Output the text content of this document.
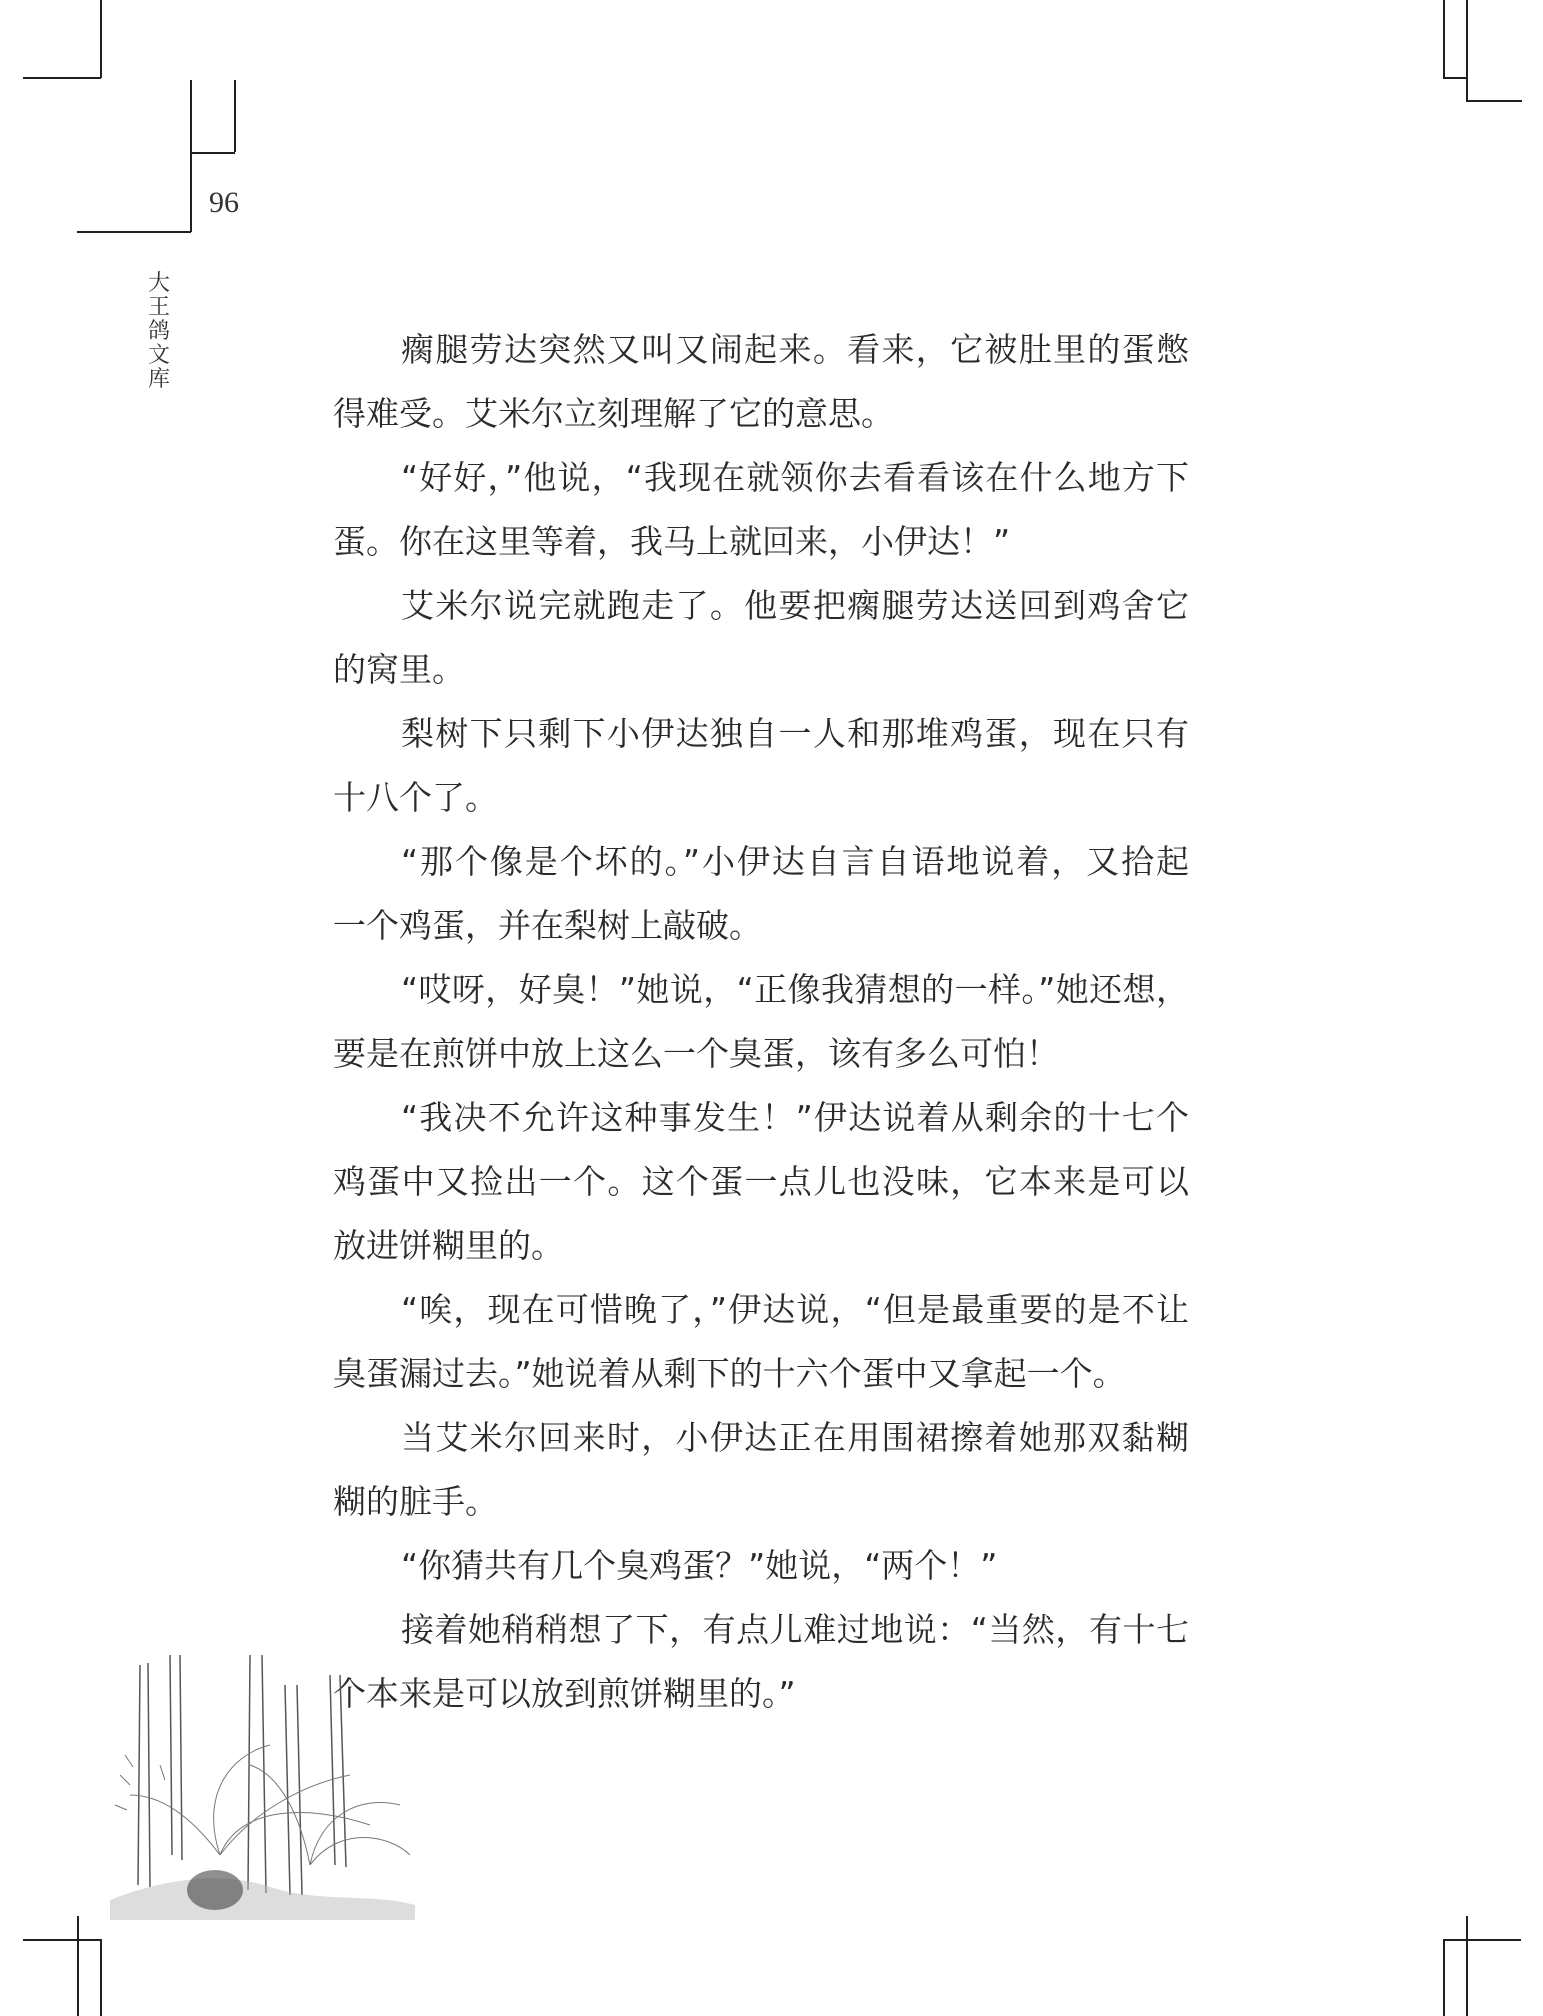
96
大
王
鸽
文
库
瘸腿劳达突然又叫又闹起来。看来，它被肚里的蛋憋
得难受。艾米尔立刻理解了它的意思。
“好好，”他说，“我现在就领你去看看该在什么地方下
蛋。你在这里等着，我马上就回来，小伊达！”
艾米尔说完就跑走了。他要把瘸腿劳达送回到鸡舍它
的窝里。
梨树下只剩下小伊达独自一人和那堆鸡蛋，现在只有
十八个了。
“那个像是个坏的。”小伊达自言自语地说着，又拾起
一个鸡蛋，并在梨树上敲破。
“哎呀，好臭！”她说，“正像我猜想的一样。”她还想，
要是在煎饼中放上这么一个臭蛋，该有多么可怕！
“我决不允许这种事发生！”伊达说着从剩余的十七个
鸡蛋中又捡出一个。这个蛋一点儿也没味，它本来是可以
放进饼糊里的。
“唉，现在可惜晚了，”伊达说，“但是最重要的是不让
臭蛋漏过去。”她说着从剩下的十六个蛋中又拿起一个。
当艾米尔回来时，小伊达正在用围裙擦着她那双黏糊
糊的脏手。
“你猜共有几个臭鸡蛋？”她说，“两个！”
接着她稍稍想了下，有点儿难过地说：“当然，有十七
个本来是可以放到煎饼糊里的。”
